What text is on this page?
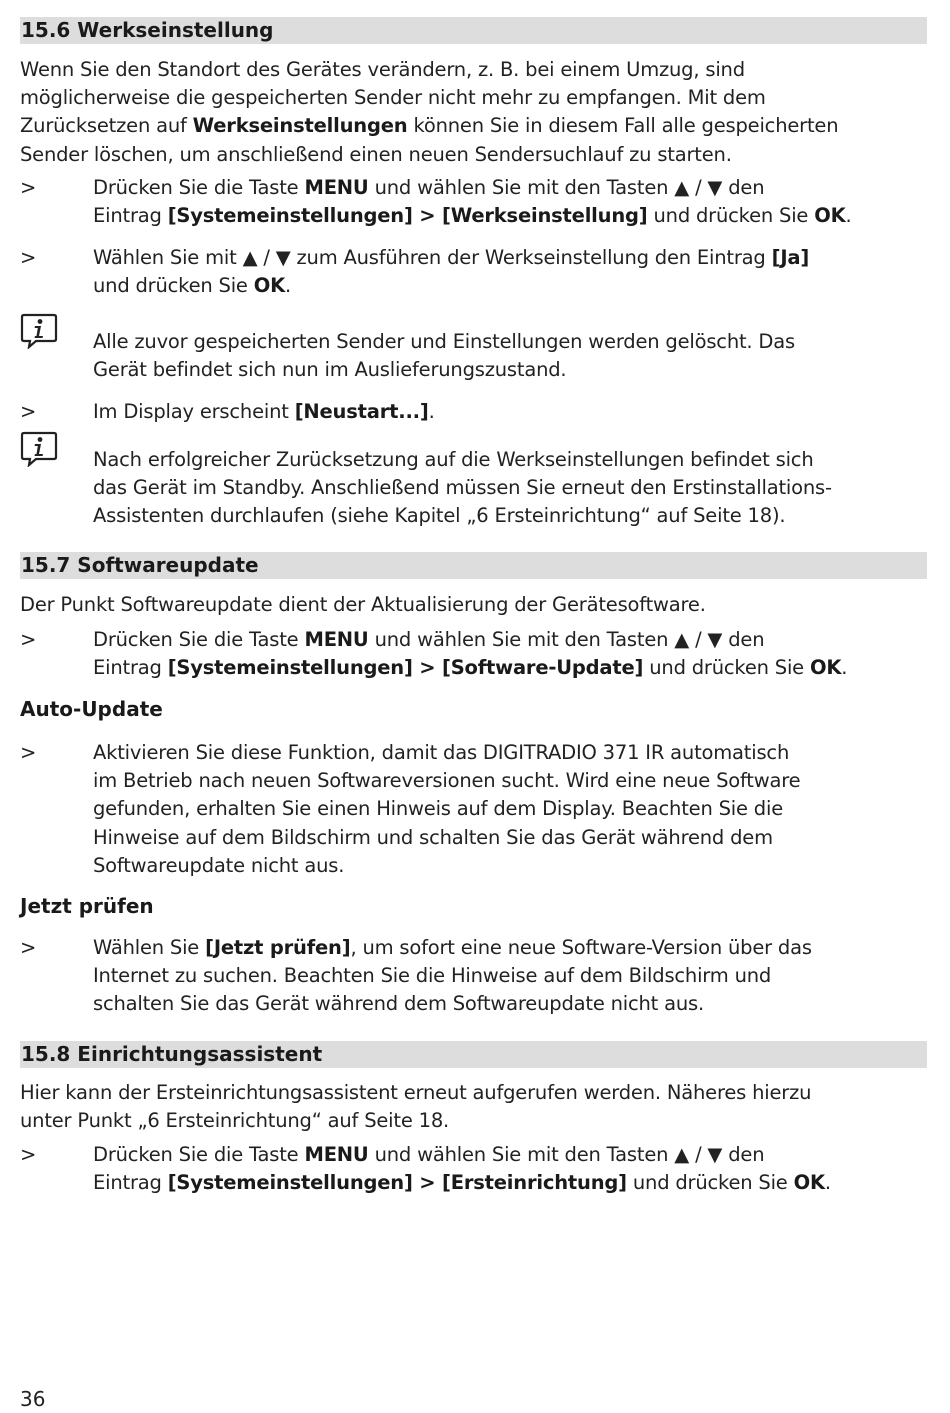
15.6 Werkseinstellung
Wenn Sie den Standort des Gerätes verändern, z. B. bei einem Umzug, sind
möglicherweise die gespeicherten Sender nicht mehr zu empfangen. Mit dem
Zurücksetzen auf Werkseinstellungen können Sie in diesem Fall alle gespeicherten
Sender löschen, um anschließend einen neuen Sendersuchlauf zu starten.
>	Drücken Sie die Taste MENU und wählen Sie mit den Tasten ▲ / ▼ den
Eintrag [Systemeinstellungen] > [Werkseinstellung] und drücken Sie OK.
>	Wählen Sie mit ▲ / ▼ zum Ausführen der Werkseinstellung den Eintrag [Ja]
und drücken Sie OK.
Alle zuvor gespeicherten Sender und Einstellungen werden gelöscht. Das
Gerät befindet sich nun im Auslieferungszustand.
>	Im Display erscheint [Neustart...].
Nach erfolgreicher Zurücksetzung auf die Werkseinstellungen befindet sich
das Gerät im Standby. Anschließend müssen Sie erneut den Erstinstallations-
Assistenten durchlaufen (siehe Kapitel „6 Ersteinrichtung“ auf Seite 18).
15.7 Softwareupdate
Der Punkt Softwareupdate dient der Aktualisierung der Gerätesoftware.
>	Drücken Sie die Taste MENU und wählen Sie mit den Tasten ▲ / ▼ den
Eintrag [Systemeinstellungen] > [Software-Update] und drücken Sie OK.
Auto-Update
>	Aktivieren Sie diese Funktion, damit das DIGITRADIO 371 IR automatisch
im Betrieb nach neuen Softwareversionen sucht. Wird eine neue Software
gefunden, erhalten Sie einen Hinweis auf dem Display. Beachten Sie die
Hinweise auf dem Bildschirm und schalten Sie das Gerät während dem
Softwareupdate nicht aus.
Jetzt prüfen
>	Wählen Sie [Jetzt prüfen], um sofort eine neue Software-Version über das
Internet zu suchen. Beachten Sie die Hinweise auf dem Bildschirm und
schalten Sie das Gerät während dem Softwareupdate nicht aus.
15.8 Einrichtungsassistent
Hier kann der Ersteinrichtungsassistent erneut aufgerufen werden. Näheres hierzu
unter Punkt „6 Ersteinrichtung“ auf Seite 18.
>	Drücken Sie die Taste MENU und wählen Sie mit den Tasten ▲ / ▼ den
Eintrag [Systemeinstellungen] > [Ersteinrichtung] und drücken Sie OK.
36
